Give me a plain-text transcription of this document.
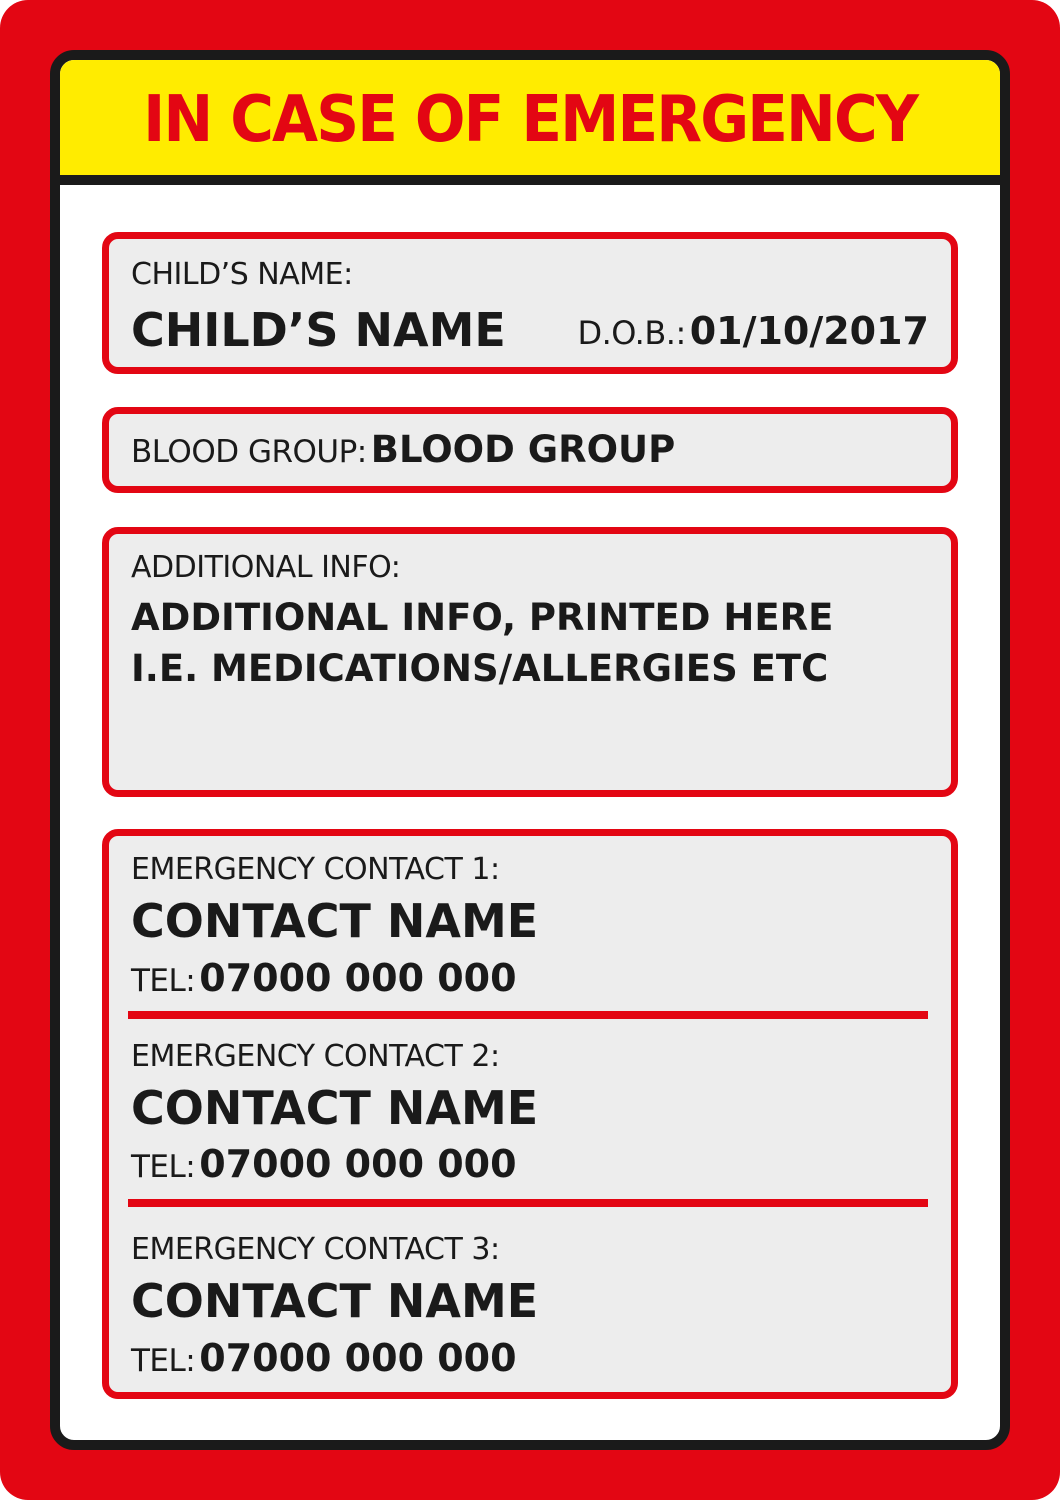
IN CASE OF EMERGENCY
CHILD’S NAME:
CHILD’S NAME D.O.B.: 01/10/2017
BLOOD GROUP: BLOOD GROUP
ADDITIONAL INFO:
ADDITIONAL INFO, PRINTED HERE
I.E. MEDICATIONS/ALLERGIES ETC
EMERGENCY CONTACT 1:
CONTACT NAME
TEL: 07000 000 000
EMERGENCY CONTACT 2:
CONTACT NAME
TEL: 07000 000 000
EMERGENCY CONTACT 3:
CONTACT NAME
TEL: 07000 000 000
